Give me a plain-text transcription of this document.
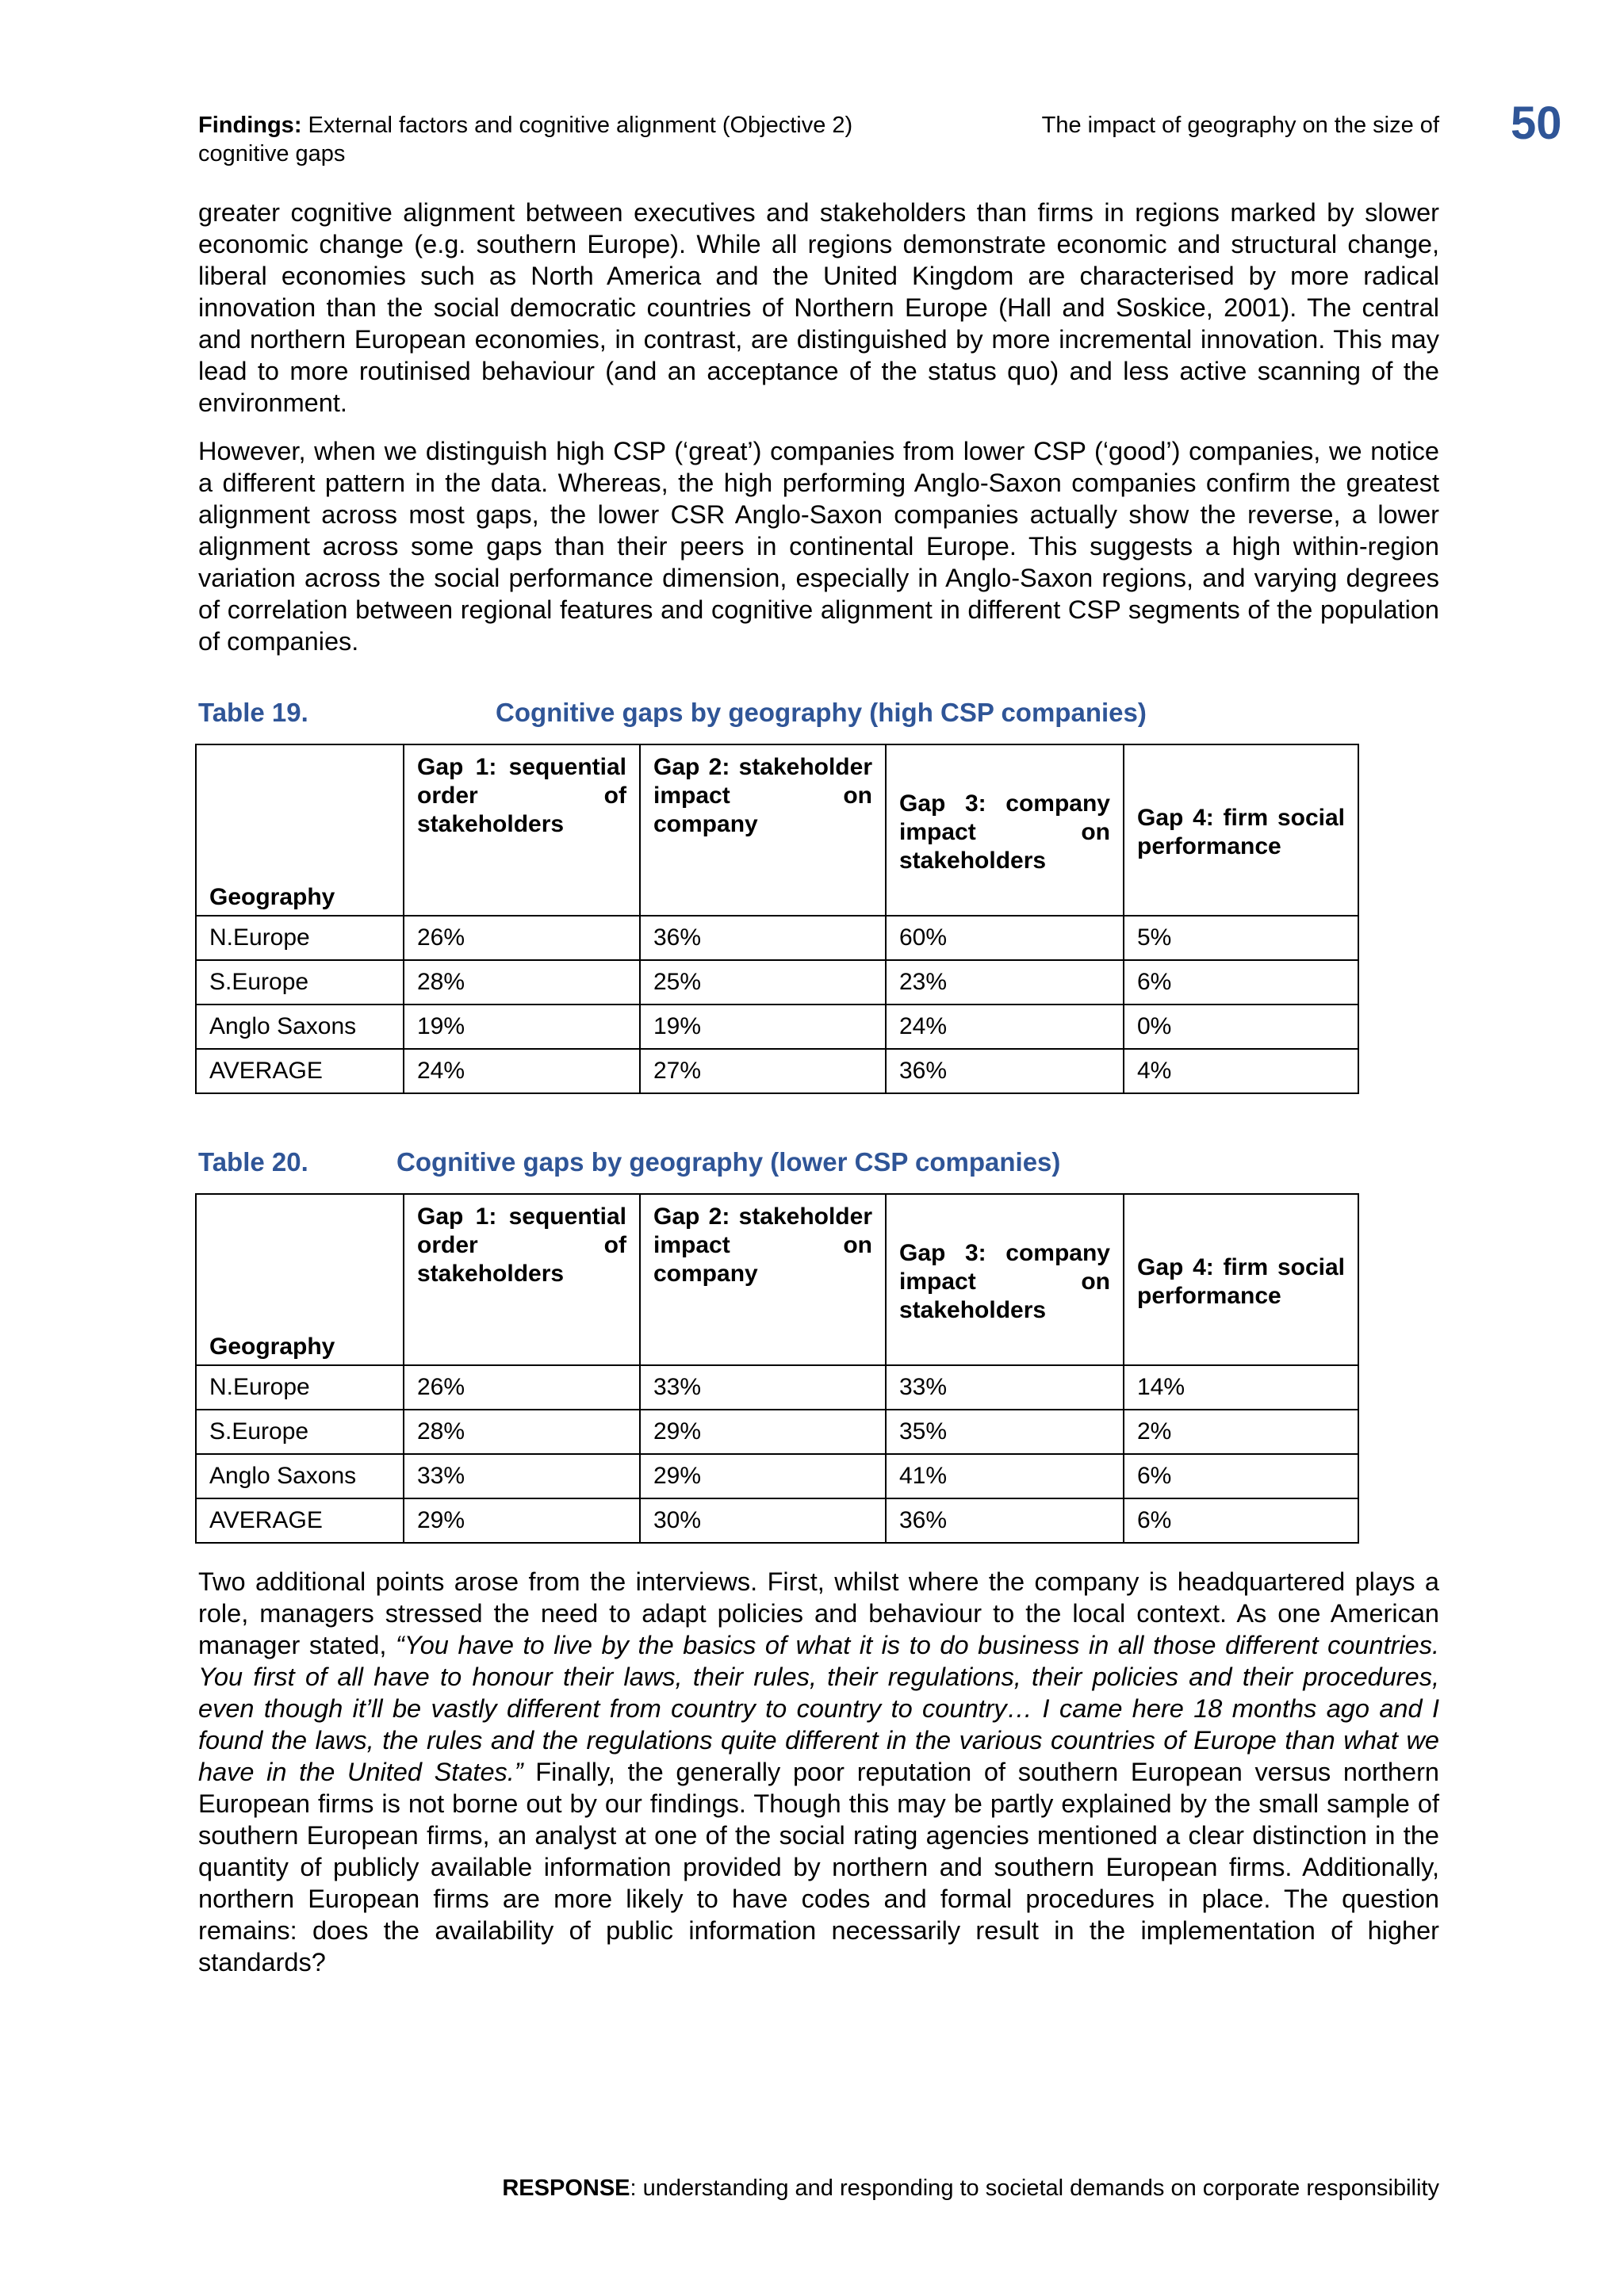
Findings: External factors and cognitive alignment (Objective 2)
cognitive gaps
The impact of geography on the size of 50

greater cognitive alignment between executives and stakeholders than firms in regions marked by slower economic change (e.g. southern Europe). While all regions demonstrate economic and structural change, liberal economies such as North America and the United Kingdom are characterised by more radical innovation than the social democratic countries of Northern Europe (Hall and Soskice, 2001). The central and northern European economies, in contrast, are distinguished by more incremental innovation. This may lead to more routinised behaviour (and an acceptance of the status quo) and less active scanning of the environment.

However, when we distinguish high CSP (‘great’) companies from lower CSP (‘good’) companies, we notice a different pattern in the data. Whereas, the high performing Anglo-Saxon companies confirm the greatest alignment across most gaps, the lower CSR Anglo-Saxon companies actually show the reverse, a lower alignment across some gaps than their peers in continental Europe. This suggests a high within-region variation across the social performance dimension, especially in Anglo-Saxon regions, and varying degrees of correlation between regional features and cognitive alignment in different CSP segments of the population of companies.

Table 19.	Cognitive gaps by geography (high CSP companies)
Geography	Gap 1: sequential order of stakeholders	Gap 2: stakeholder impact on company	Gap 3: company impact on stakeholders	Gap 4: firm social performance

N.Europe	26%	36%	60%	5%
S.Europe	28%	25%	23%	6%
Anglo Saxons	19%	19%	24%	0%
AVERAGE	24%	27%	36%	4%
Table 20.	Cognitive gaps by geography (lower CSP companies)
Geography	Gap 1: sequential order of stakeholders	Gap 2: stakeholder impact on company	Gap 3: company impact on stakeholders	Gap 4: firm social performance

N.Europe	26%	33%	33%	14%
S.Europe	28%	29%	35%	2%
Anglo Saxons	33%	29%	41%	6%
AVERAGE	29%	30%	36%	6%

Two additional points arose from the interviews. First, whilst where the company is headquartered plays a role, managers stressed the need to adapt policies and behaviour to the local context. As one American manager stated, “You have to live by the basics of what it is to do business in all those different countries. You first of all have to honour their laws, their rules, their regulations, their policies and their procedures, even though it’ll be vastly different from country to country to country… I came here 18 months ago and I found the laws, the rules and the regulations quite different in the various countries of Europe than what we have in the United States.” Finally, the generally poor reputation of southern European versus northern European firms is not borne out by our findings. Though this may be partly explained by the small sample of southern European firms, an analyst at one of the social rating agencies mentioned a clear distinction in the quantity of publicly available information provided by northern and southern European firms. Additionally, northern European firms are more likely to have codes and formal procedures in place. The question remains: does the availability of public information necessarily result in the implementation of higher standards?

RESPONSE: understanding and responding to societal demands on corporate responsibility
